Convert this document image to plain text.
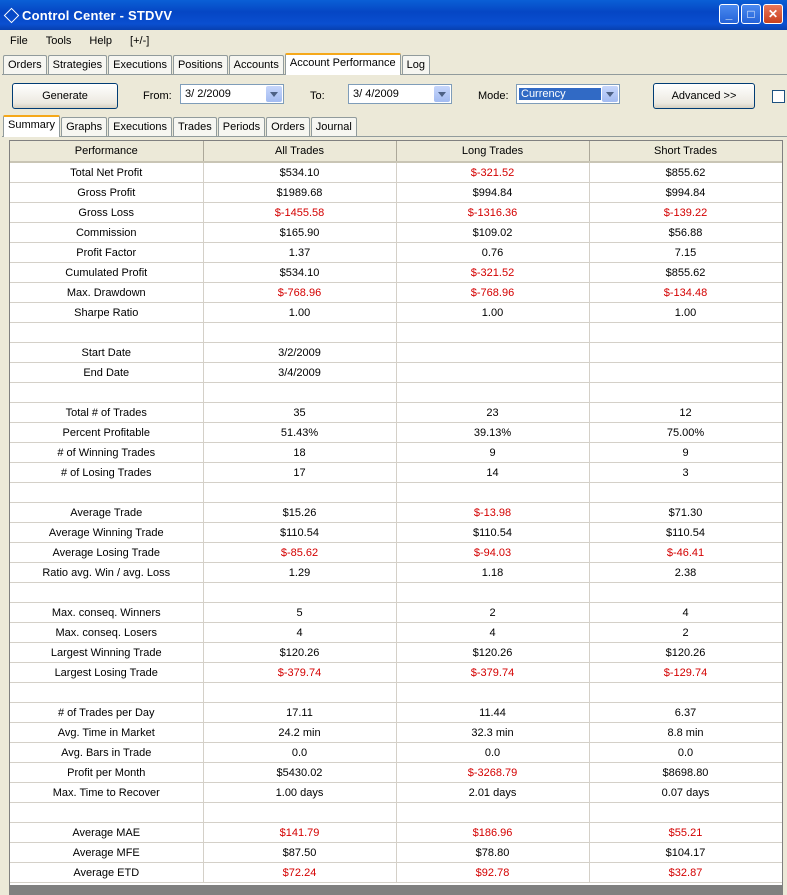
Control Center - STDVV	_	□	✕
File	Tools	Help	[+/-]
Orders	Strategies	Executions	Positions	Accounts	Account Performance	Log
Generate	From: 3/ 2/2009	To:	3/ 4/2009	Mode: Currency	Advanced >>
Summary	Graphs	Executions	Trades	Periods	Orders	Journal
Performance	All Trades	Long Trades	Short Trades
Total Net Profit	$534.10	$-321.52	$855.62
Gross Profit	$1989.68	$994.84	$994.84
Gross Loss	$-1455.58	$-1316.36	$-139.22
Commission	$165.90	$109.02	$56.88
Profit Factor	1.37	0.76	7.15
Cumulated Profit	$534.10	$-321.52	$855.62
Max. Drawdown	$-768.96	$-768.96	$-134.48
Sharpe Ratio	1.00	1.00	1.00

Start Date	3/2/2009		
End Date	3/4/2009		

Total # of Trades	35	23	12
Percent Profitable	51.43%	39.13%	75.00%
# of Winning Trades	18	9	9
# of Losing Trades	17	14	3

Average Trade	$15.26	$-13.98	$71.30
Average Winning Trade	$110.54	$110.54	$110.54
Average Losing Trade	$-85.62	$-94.03	$-46.41
Ratio avg. Win / avg. Loss	1.29	1.18	2.38

Max. conseq. Winners	5	2	4
Max. conseq. Losers	4	4	2
Largest Winning Trade	$120.26	$120.26	$120.26
Largest Losing Trade	$-379.74	$-379.74	$-129.74

# of Trades per Day	17.11	11.44	6.37
Avg. Time in Market	24.2 min	32.3 min	8.8 min
Avg. Bars in Trade	0.0	0.0	0.0
Profit per Month	$5430.02	$-3268.79	$8698.80
Max. Time to Recover	1.00 days	2.01 days	0.07 days

Average MAE	$141.79	$186.96	$55.21
Average MFE	$87.50	$78.80	$104.17
Average ETD	$72.24	$92.78	$32.87
